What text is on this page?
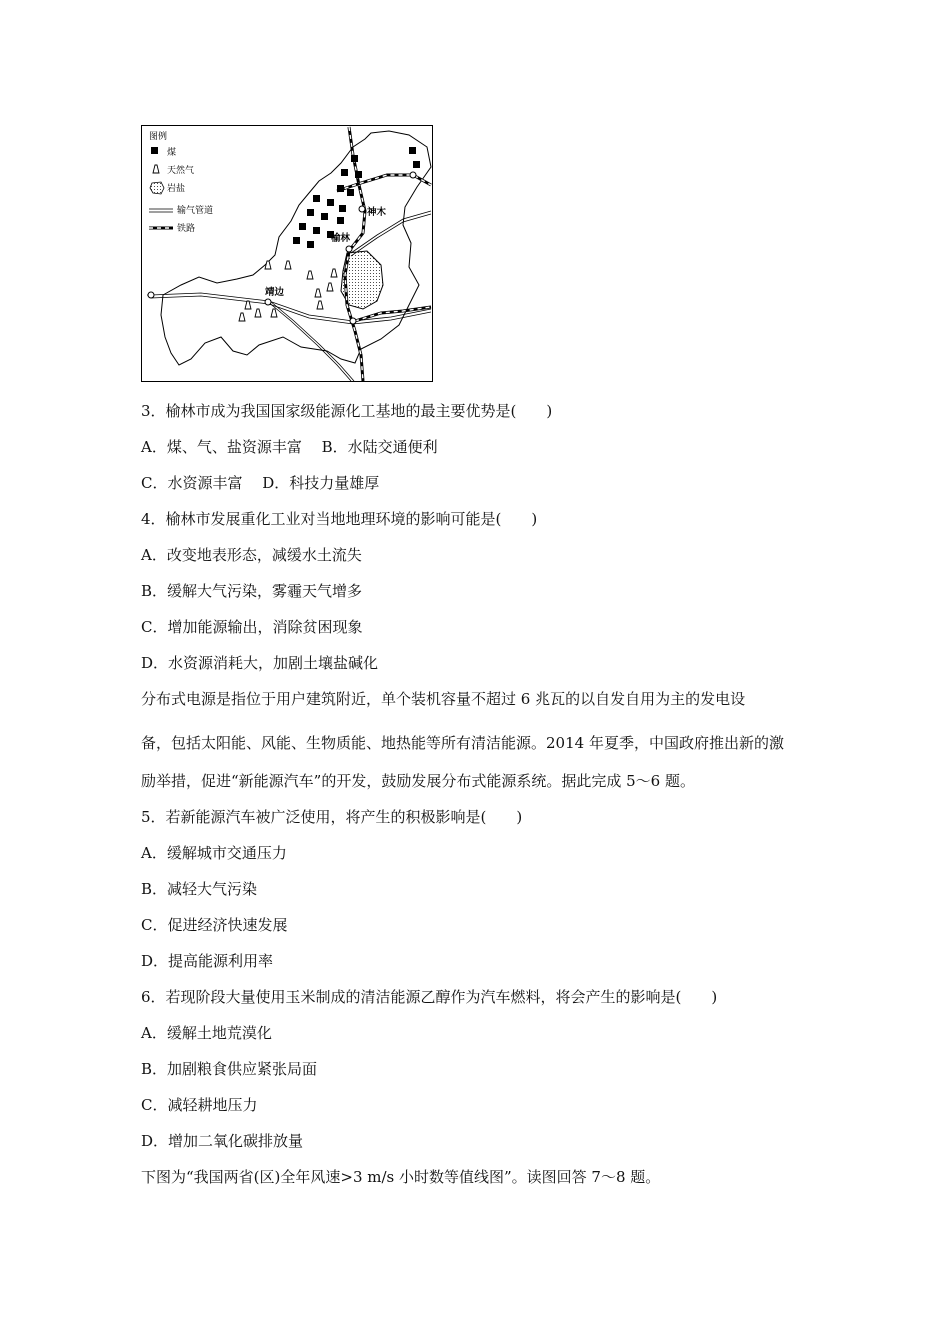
图例
煤
天然气
岩盐
输气管道
铁路
神木
榆林
靖边
3．榆林市成为我国国家级能源化工基地的最主要优势是(　　)
A．煤、气、盐资源丰富　 B．水陆交通便利
C．水资源丰富　 D．科技力量雄厚
4．榆林市发展重化工业对当地地理环境的影响可能是(　　)
A．改变地表形态，减缓水土流失
B．缓解大气污染，雾霾天气增多
C．增加能源输出，消除贫困现象
D．水资源消耗大，加剧土壤盐碱化
分布式电源是指位于用户建筑附近，单个装机容量不超过 6 兆瓦的以自发自用为主的发电设
备，包括太阳能、风能、生物质能、地热能等所有清洁能源。2014 年夏季，中国政府推出新的激
励举措，促进“新能源汽车”的开发，鼓励发展分布式能源系统。据此完成 5～6 题。
5．若新能源汽车被广泛使用，将产生的积极影响是(　　)
A．缓解城市交通压力
B．减轻大气污染
C．促进经济快速发展
D．提高能源利用率
6．若现阶段大量使用玉米制成的清洁能源乙醇作为汽车燃料，将会产生的影响是(　　)
A．缓解土地荒漠化
B．加剧粮食供应紧张局面
C．减轻耕地压力
D．增加二氧化碳排放量
下图为“我国两省(区)全年风速>3 m/s 小时数等值线图”。读图回答 7～8 题。
